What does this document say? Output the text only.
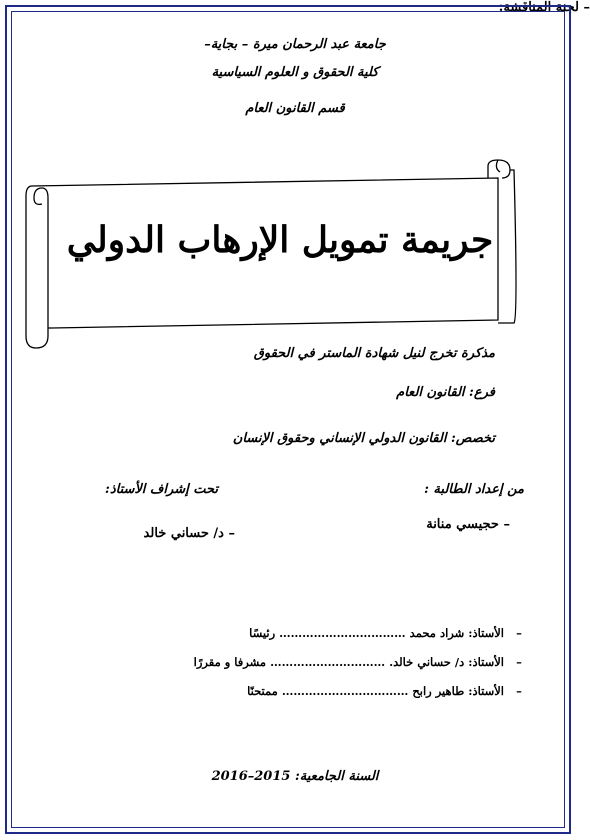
جامعة عبد الرحمان ميرة – بجاية–
كلية الحقوق و العلوم السياسية
قسم القانون العام
جريمة تمويل الإرهاب الدولي
مذكرة تخرج لنيل شهادة الماستر في الحقوق
فرع: القانون العام
تخصص: القانون الدولي الإنساني وحقوق الإنسان
من إعداد الطالبة :
تحت إشراف الأستاذ:
– حجيسي منانة
– د/ حساني خالد
– لجنة المناقشة:
– الأستاذ: شراد محمد …………………………… رئيسًا
– الأستاذ: د/ حساني خالد. ………………………… مشرفا و مقررًا
– الأستاذ: طاهير رابح …………………………… ممتحنًا
السنة الجامعية: 2015–2016
